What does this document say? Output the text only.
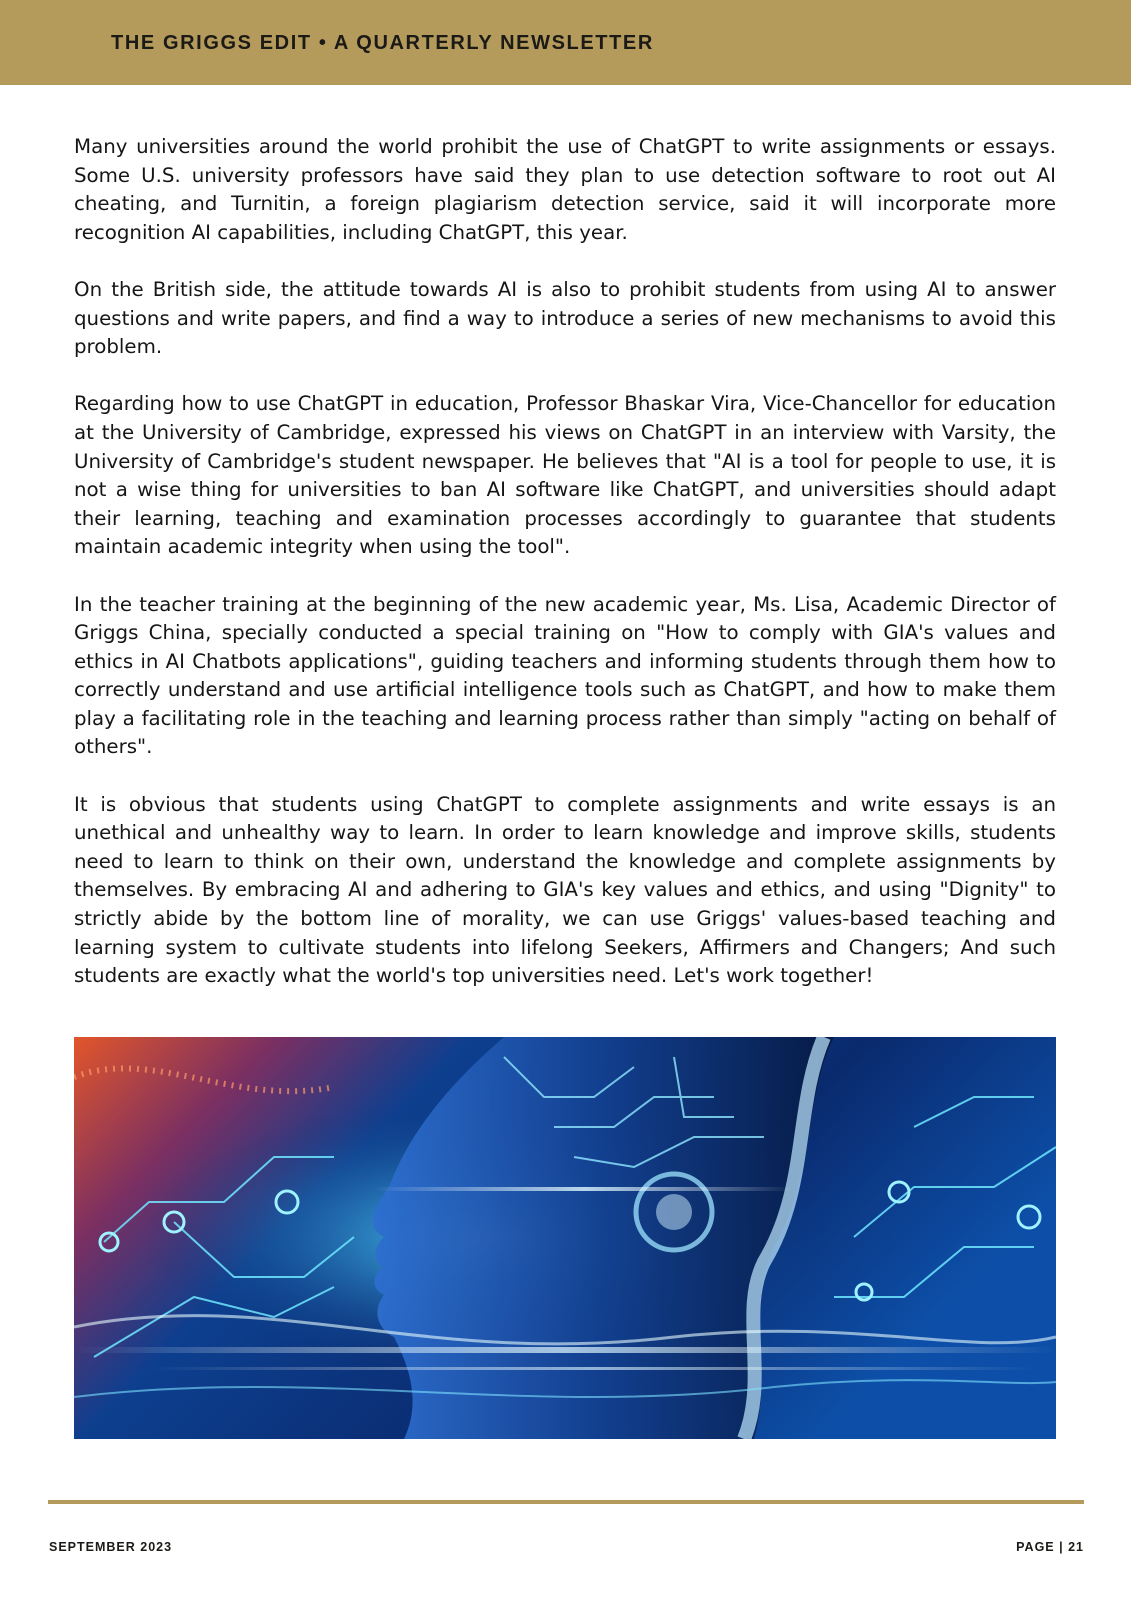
THE GRIGGS EDIT • A QUARTERLY NEWSLETTER

Many universities around the world prohibit the use of ChatGPT to write assignments or essays. Some U.S. university professors have said they plan to use detection software to root out AI cheating, and Turnitin, a foreign plagiarism detection service, said it will incorporate more recognition AI capabilities, including ChatGPT, this year.

On the British side, the attitude towards AI is also to prohibit students from using AI to answer questions and write papers, and find a way to introduce a series of new mechanisms to avoid this problem.

Regarding how to use ChatGPT in education, Professor Bhaskar Vira, Vice-Chancellor for education at the University of Cambridge, expressed his views on ChatGPT in an interview with Varsity, the University of Cambridge's student newspaper. He believes that "AI is a tool for people to use, it is not a wise thing for universities to ban AI software like ChatGPT, and universities should adapt their learning, teaching and examination processes accordingly to guarantee that students maintain academic integrity when using the tool".

In the teacher training at the beginning of the new academic year, Ms. Lisa, Academic Director of Griggs China, specially conducted a special training on "How to comply with GIA's values and ethics in AI Chatbots applications", guiding teachers and informing students through them how to correctly understand and use artificial intelligence tools such as ChatGPT, and how to make them play a facilitating role in the teaching and learning process rather than simply "acting on behalf of others".

It is obvious that students using ChatGPT to complete assignments and write essays is an unethical and unhealthy way to learn. In order to learn knowledge and improve skills, students need to learn to think on their own, understand the knowledge and complete assignments by themselves. By embracing AI and adhering to GIA's key values and ethics, and using "Dignity" to strictly abide by the bottom line of morality, we can use Griggs' values-based teaching and learning system to cultivate students into lifelong Seekers, Affirmers and Changers; And such students are exactly what the world's top universities need. Let's work together!

SEPTEMBER 2023	PAGE | 21
